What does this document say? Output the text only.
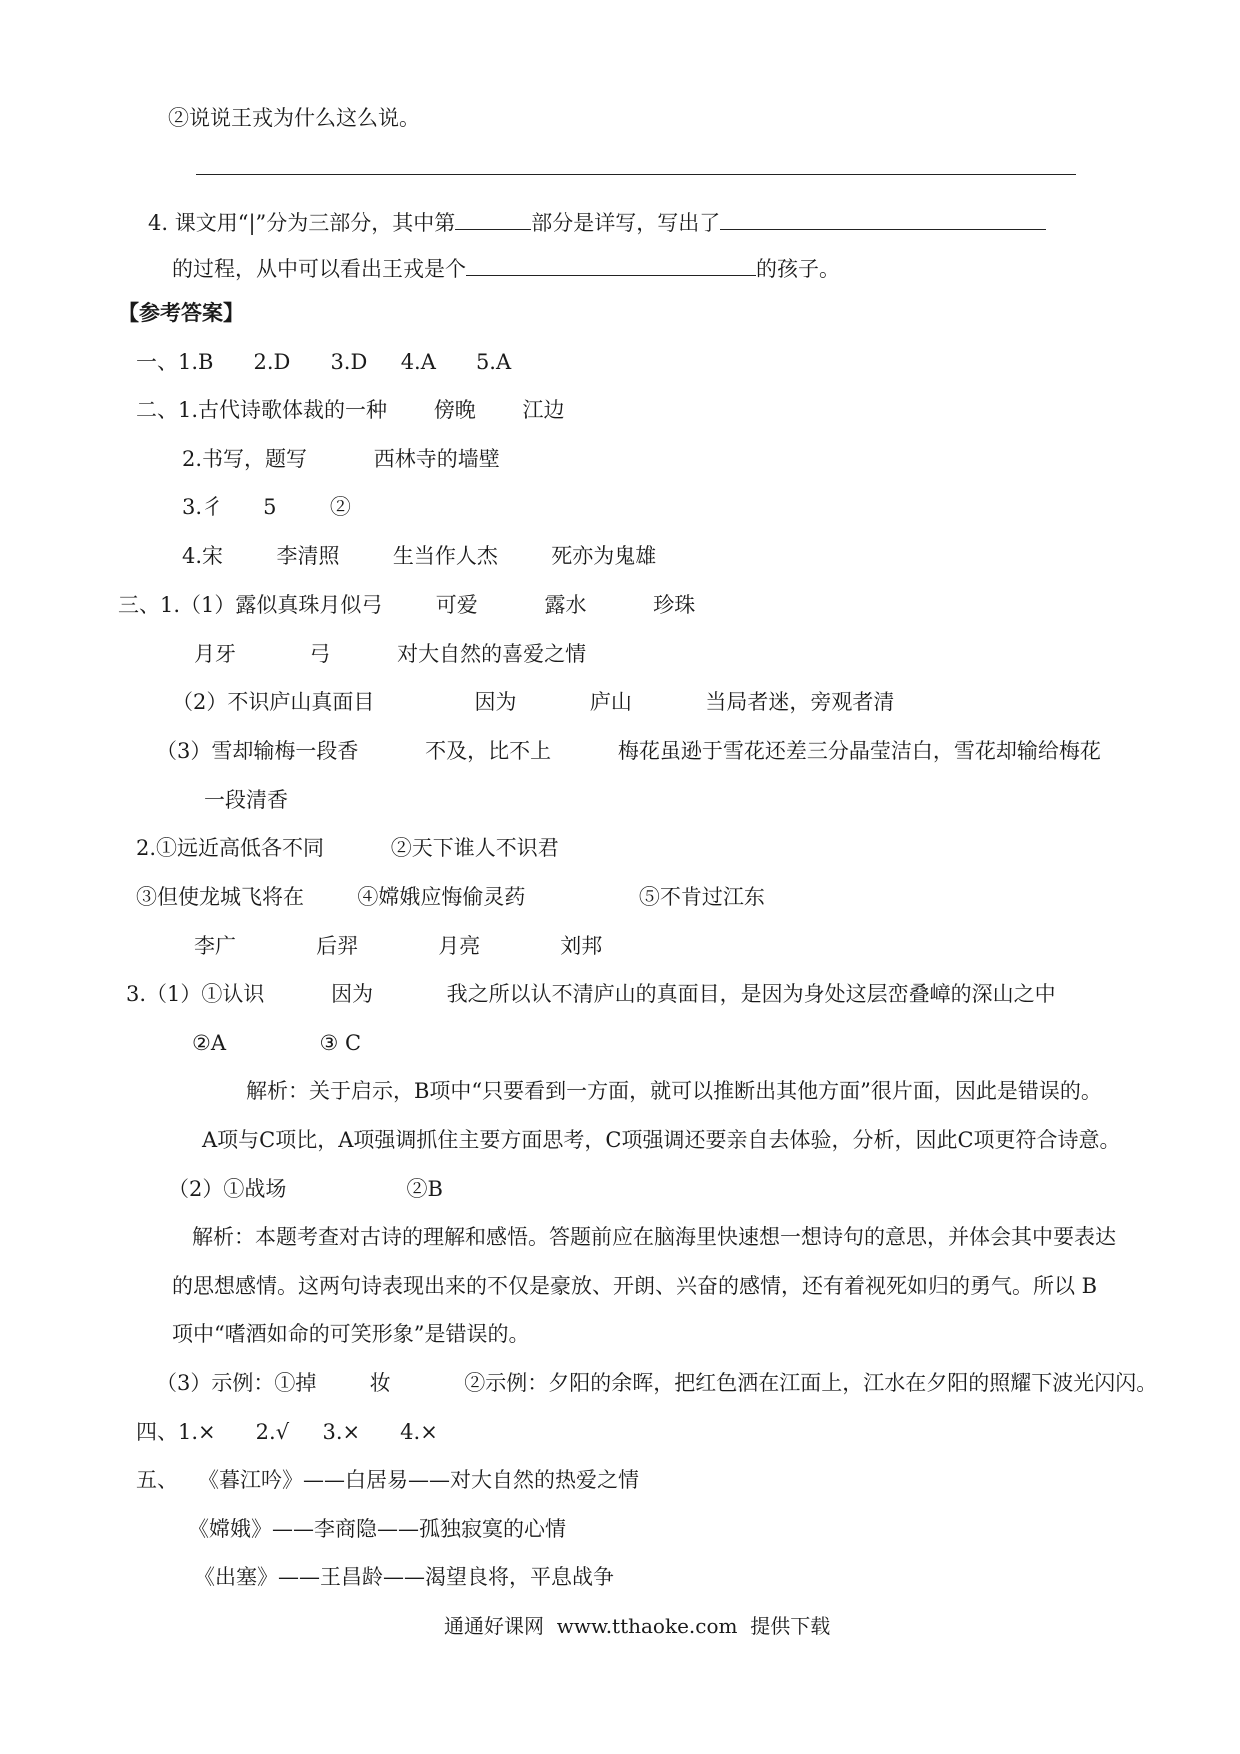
②说说王戎为什么这么说。
4. 课文用“|”分为三部分，其中第	部分是详写，写出了
的过程，从中可以看出王戎是个	的孩子。
【参考答案】
一、1.B      2.D      3.D     4.A      5.A
二、1.古代诗歌体裁的一种       傍晚       江边
2.书写，题写          西林寺的墙壁
3.彳      5        ②
4.宋        李清照        生当作人杰        死亦为鬼雄
三、1.（1）露似真珠月似弓        可爱          露水          珍珠
月牙           弓          对大自然的喜爱之情
（2）不识庐山真面目               因为           庐山           当局者迷，旁观者清
（3）雪却输梅一段香          不及，比不上          梅花虽逊于雪花还差三分晶莹洁白，雪花却输给梅花
一段清香
2.①远近高低各不同          ②天下谁人不识君
③但使龙城飞将在        ④嫦娥应悔偷灵药                 ⑤不肯过江东
李广            后羿            月亮            刘邦
3.（1）①认识          因为           我之所以认不清庐山的真面目，是因为身处这层峦叠嶂的深山之中
②A              ③ C
解析：关于启示，B项中“只要看到一方面，就可以推断出其他方面”很片面，因此是错误的。
A项与C项比，A项强调抓住主要方面思考，C项强调还要亲自去体验，分析，因此C项更符合诗意。
（2）①战场                  ②B
解析：本题考查对古诗的理解和感悟。答题前应在脑海里快速想一想诗句的意思，并体会其中要表达
的思想感情。这两句诗表现出来的不仅是豪放、开朗、兴奋的感情，还有着视死如归的勇气。所以 B
项中“嗜酒如命的可笑形象”是错误的。
（3）示例：①掉        妆           ②示例：夕阳的余晖，把红色洒在江面上，江水在夕阳的照耀下波光闪闪。
四、1.×      2.√     3.×      4.×
五、   《暮江吟》——白居易——对大自然的热爱之情
《嫦娥》——李商隐——孤独寂寞的心情
《出塞》——王昌龄——渴望良将，平息战争
通通好课网  www.tthaoke.com  提供下载
